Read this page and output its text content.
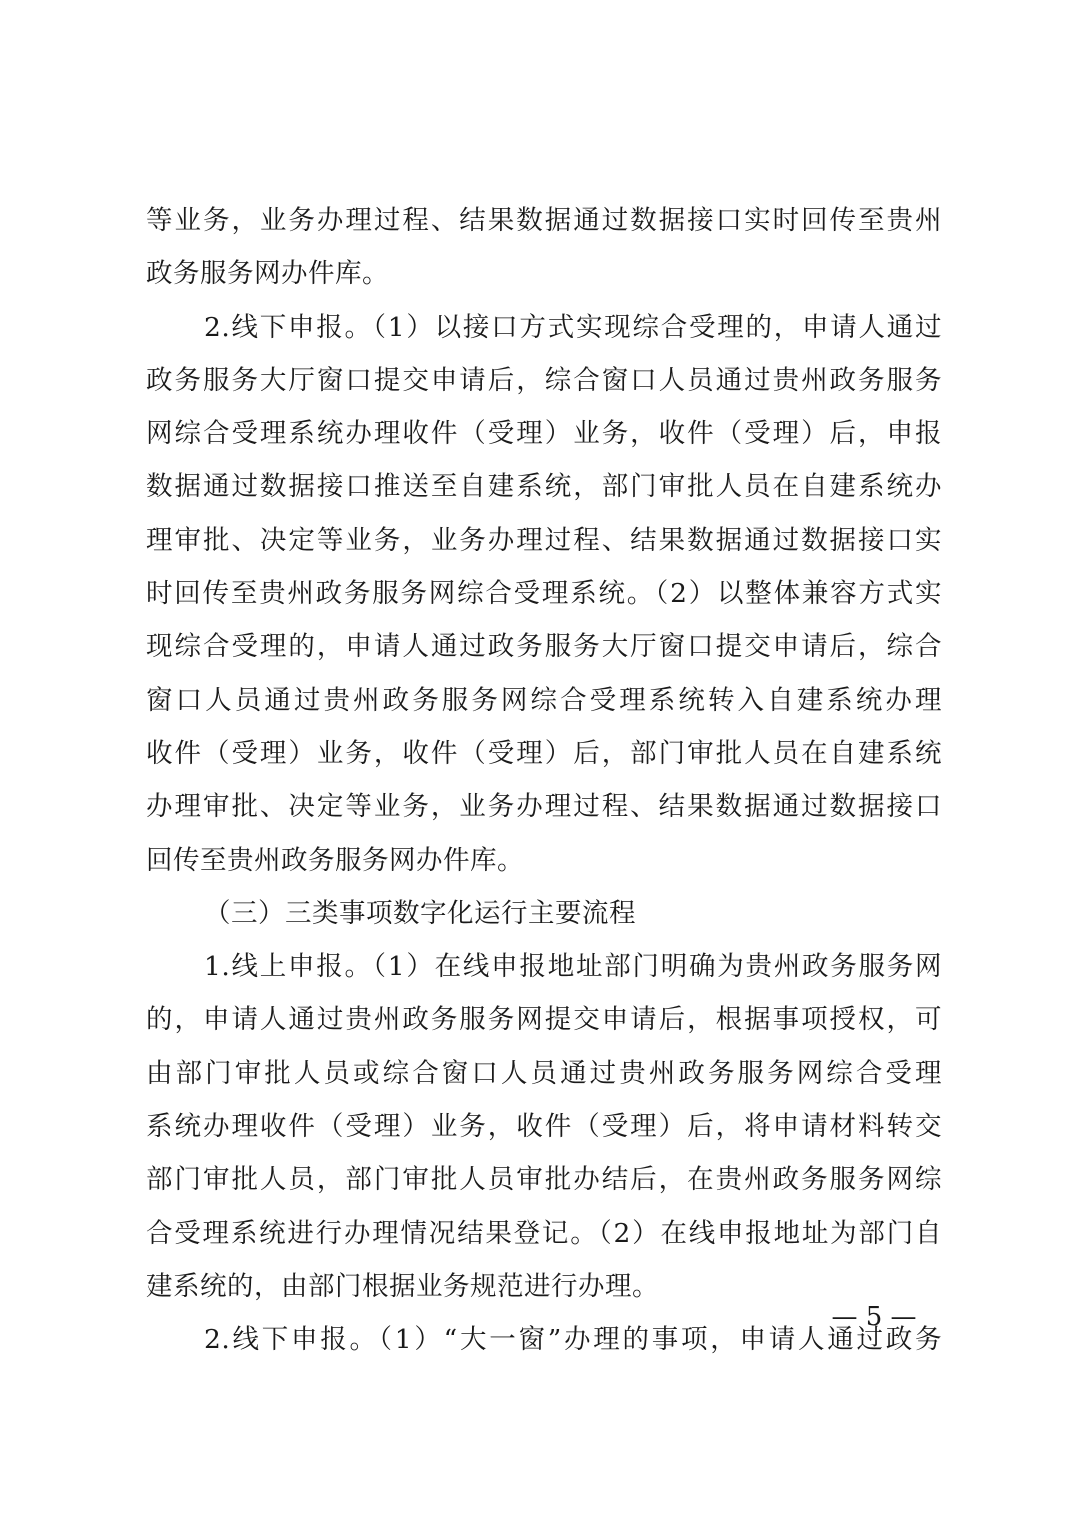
等业务，业务办理过程、结果数据通过数据接口实时回传至贵州
政务服务网办件库。
2.线下申报。（1）以接口方式实现综合受理的，申请人通过
政务服务大厅窗口提交申请后，综合窗口人员通过贵州政务服务
网综合受理系统办理收件（受理）业务，收件（受理）后，申报
数据通过数据接口推送至自建系统，部门审批人员在自建系统办
理审批、决定等业务，业务办理过程、结果数据通过数据接口实
时回传至贵州政务服务网综合受理系统。（2）以整体兼容方式实
现综合受理的，申请人通过政务服务大厅窗口提交申请后，综合
窗口人员通过贵州政务服务网综合受理系统转入自建系统办理
收件（受理）业务，收件（受理）后，部门审批人员在自建系统
办理审批、决定等业务，业务办理过程、结果数据通过数据接口
回传至贵州政务服务网办件库。
（三）三类事项数字化运行主要流程
1.线上申报。（1）在线申报地址部门明确为贵州政务服务网
的，申请人通过贵州政务服务网提交申请后，根据事项授权，可
由部门审批人员或综合窗口人员通过贵州政务服务网综合受理
系统办理收件（受理）业务，收件（受理）后，将申请材料转交
部门审批人员，部门审批人员审批办结后，在贵州政务服务网综
合受理系统进行办理情况结果登记。（2）在线申报地址为部门自
建系统的，由部门根据业务规范进行办理。
2.线下申报。（1）“大一窗”办理的事项，申请人通过政务
— 5 —
